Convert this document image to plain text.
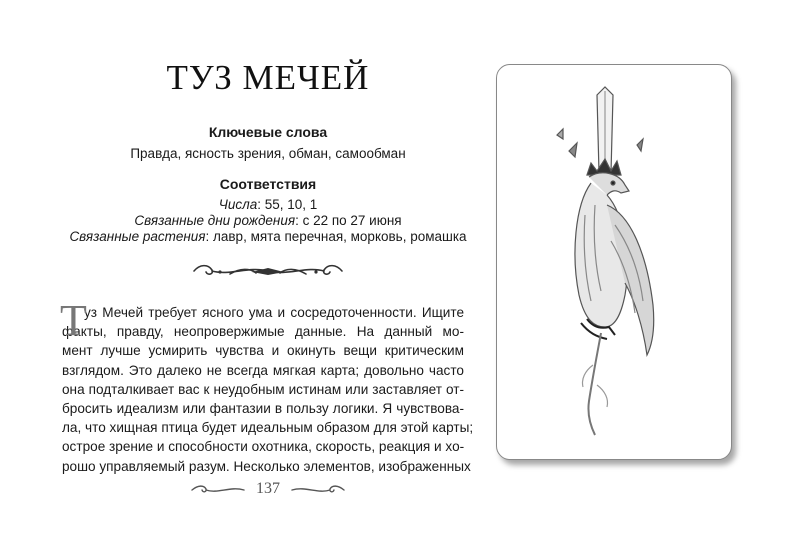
ТУЗ МЕЧЕЙ
Ключевые слова
Правда, ясность зрения, обман, самообман
Соответствия
Числа: 55, 10, 1
Связанные дни рождения: с 22 по 27 июня
Связанные растения: лавр, мята перечная, морковь, ромашка
Т
уз Мечей требует ясного ума и сосредоточенности. Ищите
факты, правду, неопровержимые данные. На данный мо-
мент лучше усмирить чувства и окинуть вещи критическим
взглядом. Это далеко не всегда мягкая карта; довольно часто
она подталкивает вас к неудобным истинам или заставляет от-
бросить идеализм или фантазии в пользу логики. Я чувствова-
ла, что хищная птица будет идеальным образом для этой карты;
острое зрение и способности охотника, скорость, реакция и хо-
рошо управляемый разум. Несколько элементов, изображенных
137
